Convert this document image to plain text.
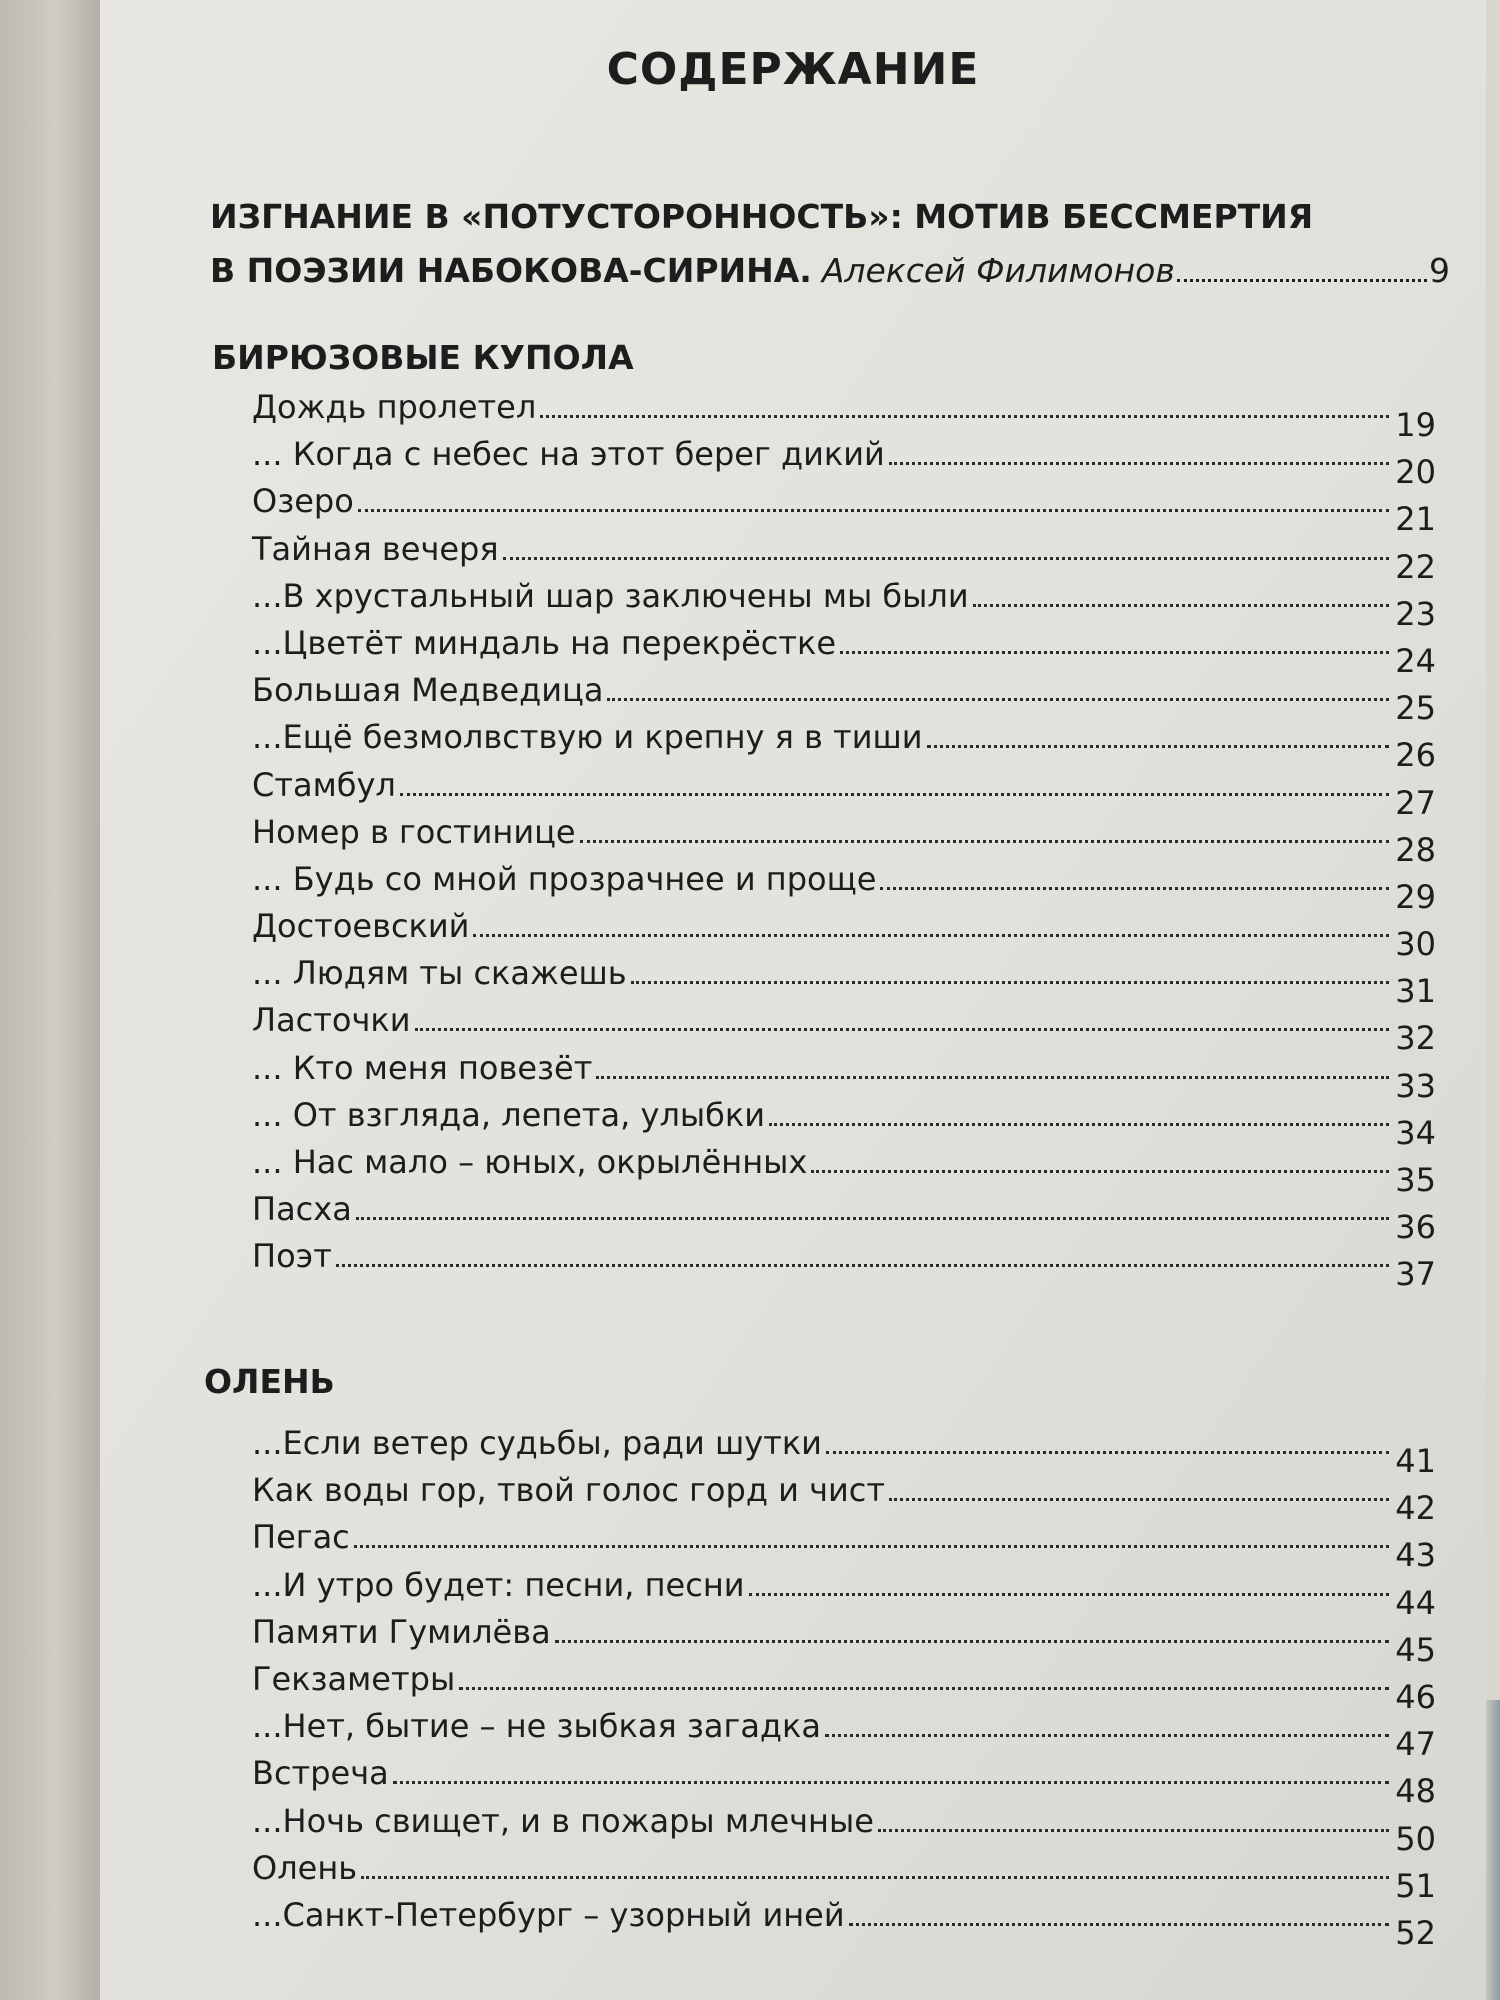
СОДЕРЖАНИЕ
ИЗГНАНИЕ В «ПОТУСТОРОННОСТЬ»: МОТИВ БЕССМЕРТИЯ
В ПОЭЗИИ НАБОКОВА-СИРИНА. Алексей Филимонов	9
БИРЮЗОВЫЕ КУПОЛА
Дождь пролетел	19
... Когда с небес на этот берег дикий	20
Озеро	21
Тайная вечеря	22
...В хрустальный шар заключены мы были	23
...Цветёт миндаль на перекрёстке	24
Большая Медведица	25
...Ещё безмолвствую и крепну я в тиши	26
Стамбул	27
Номер в гостинице	28
... Будь со мной прозрачнее и проще	29
Достоевский	30
... Людям ты скажешь	31
Ласточки	32
... Кто меня повезёт	33
... От взгляда, лепета, улыбки	34
... Нас мало – юных, окрылённых	35
Пасха	36
Поэт	37
ОЛЕНЬ
...Если ветер судьбы, ради шутки	41
Как воды гор, твой голос горд и чист	42
Пегас	43
...И утро будет: песни, песни	44
Памяти Гумилёва	45
Гекзаметры	46
...Нет, бытие – не зыбкая загадка	47
Встреча	48
...Ночь свищет, и в пожары млечные	50
Олень	51
...Санкт-Петербург – узорный иней	52
